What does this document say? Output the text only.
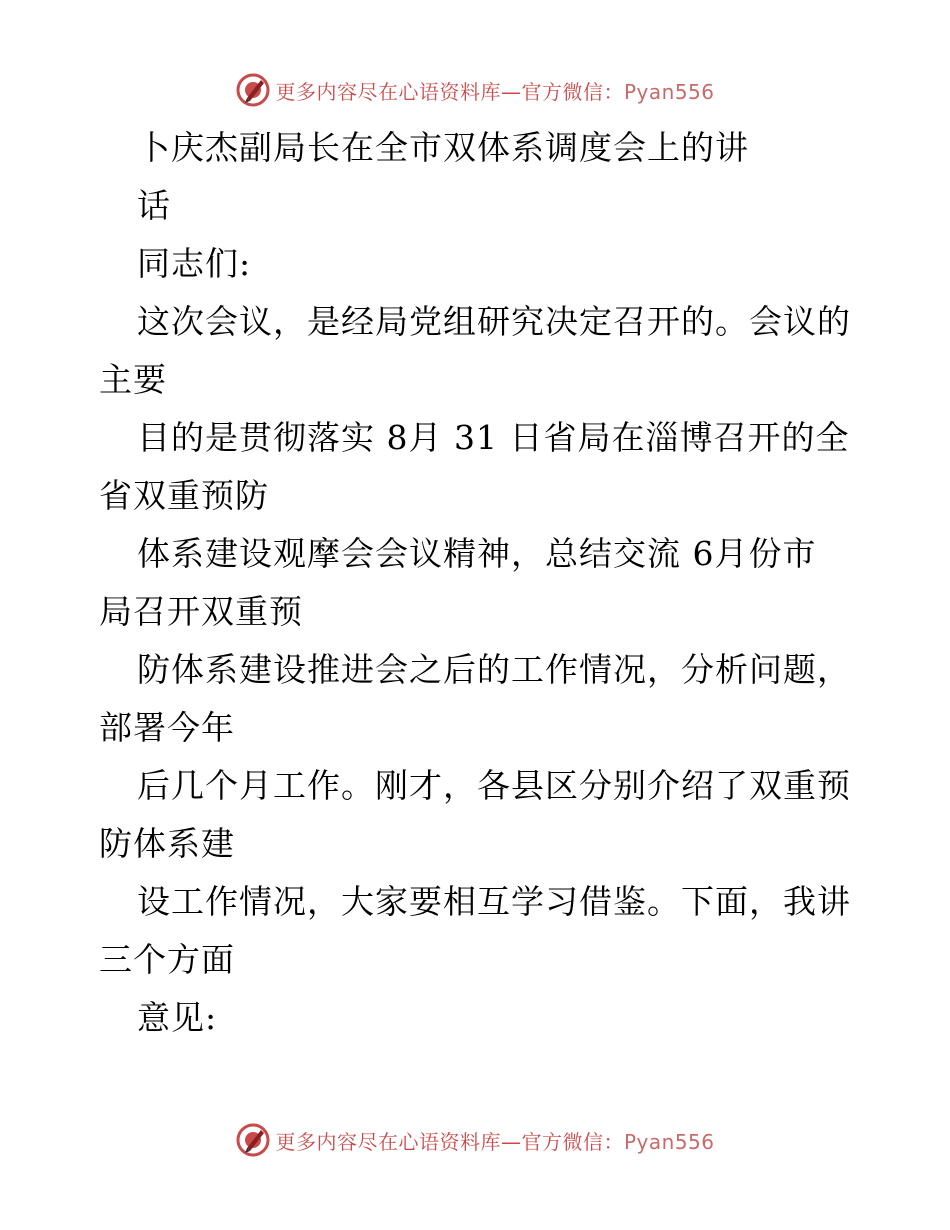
更多内容尽在心语资料库—官方微信：Pyan556
卜庆杰副局长在全市双体系调度会上的讲
话
同志们:
这次会议，是经局党组研究决定召开的。会议的
主要
目的是贯彻落实 8月 31 日省局在淄博召开的全
省双重预防
体系建设观摩会会议精神，总结交流 6月份市
局召开双重预
防体系建设推进会之后的工作情况，分析问题，
部署今年
后几个月工作。刚才，各县区分别介绍了双重预
防体系建
设工作情况，大家要相互学习借鉴。下面，我讲
三个方面
意见:
更多内容尽在心语资料库—官方微信：Pyan556
